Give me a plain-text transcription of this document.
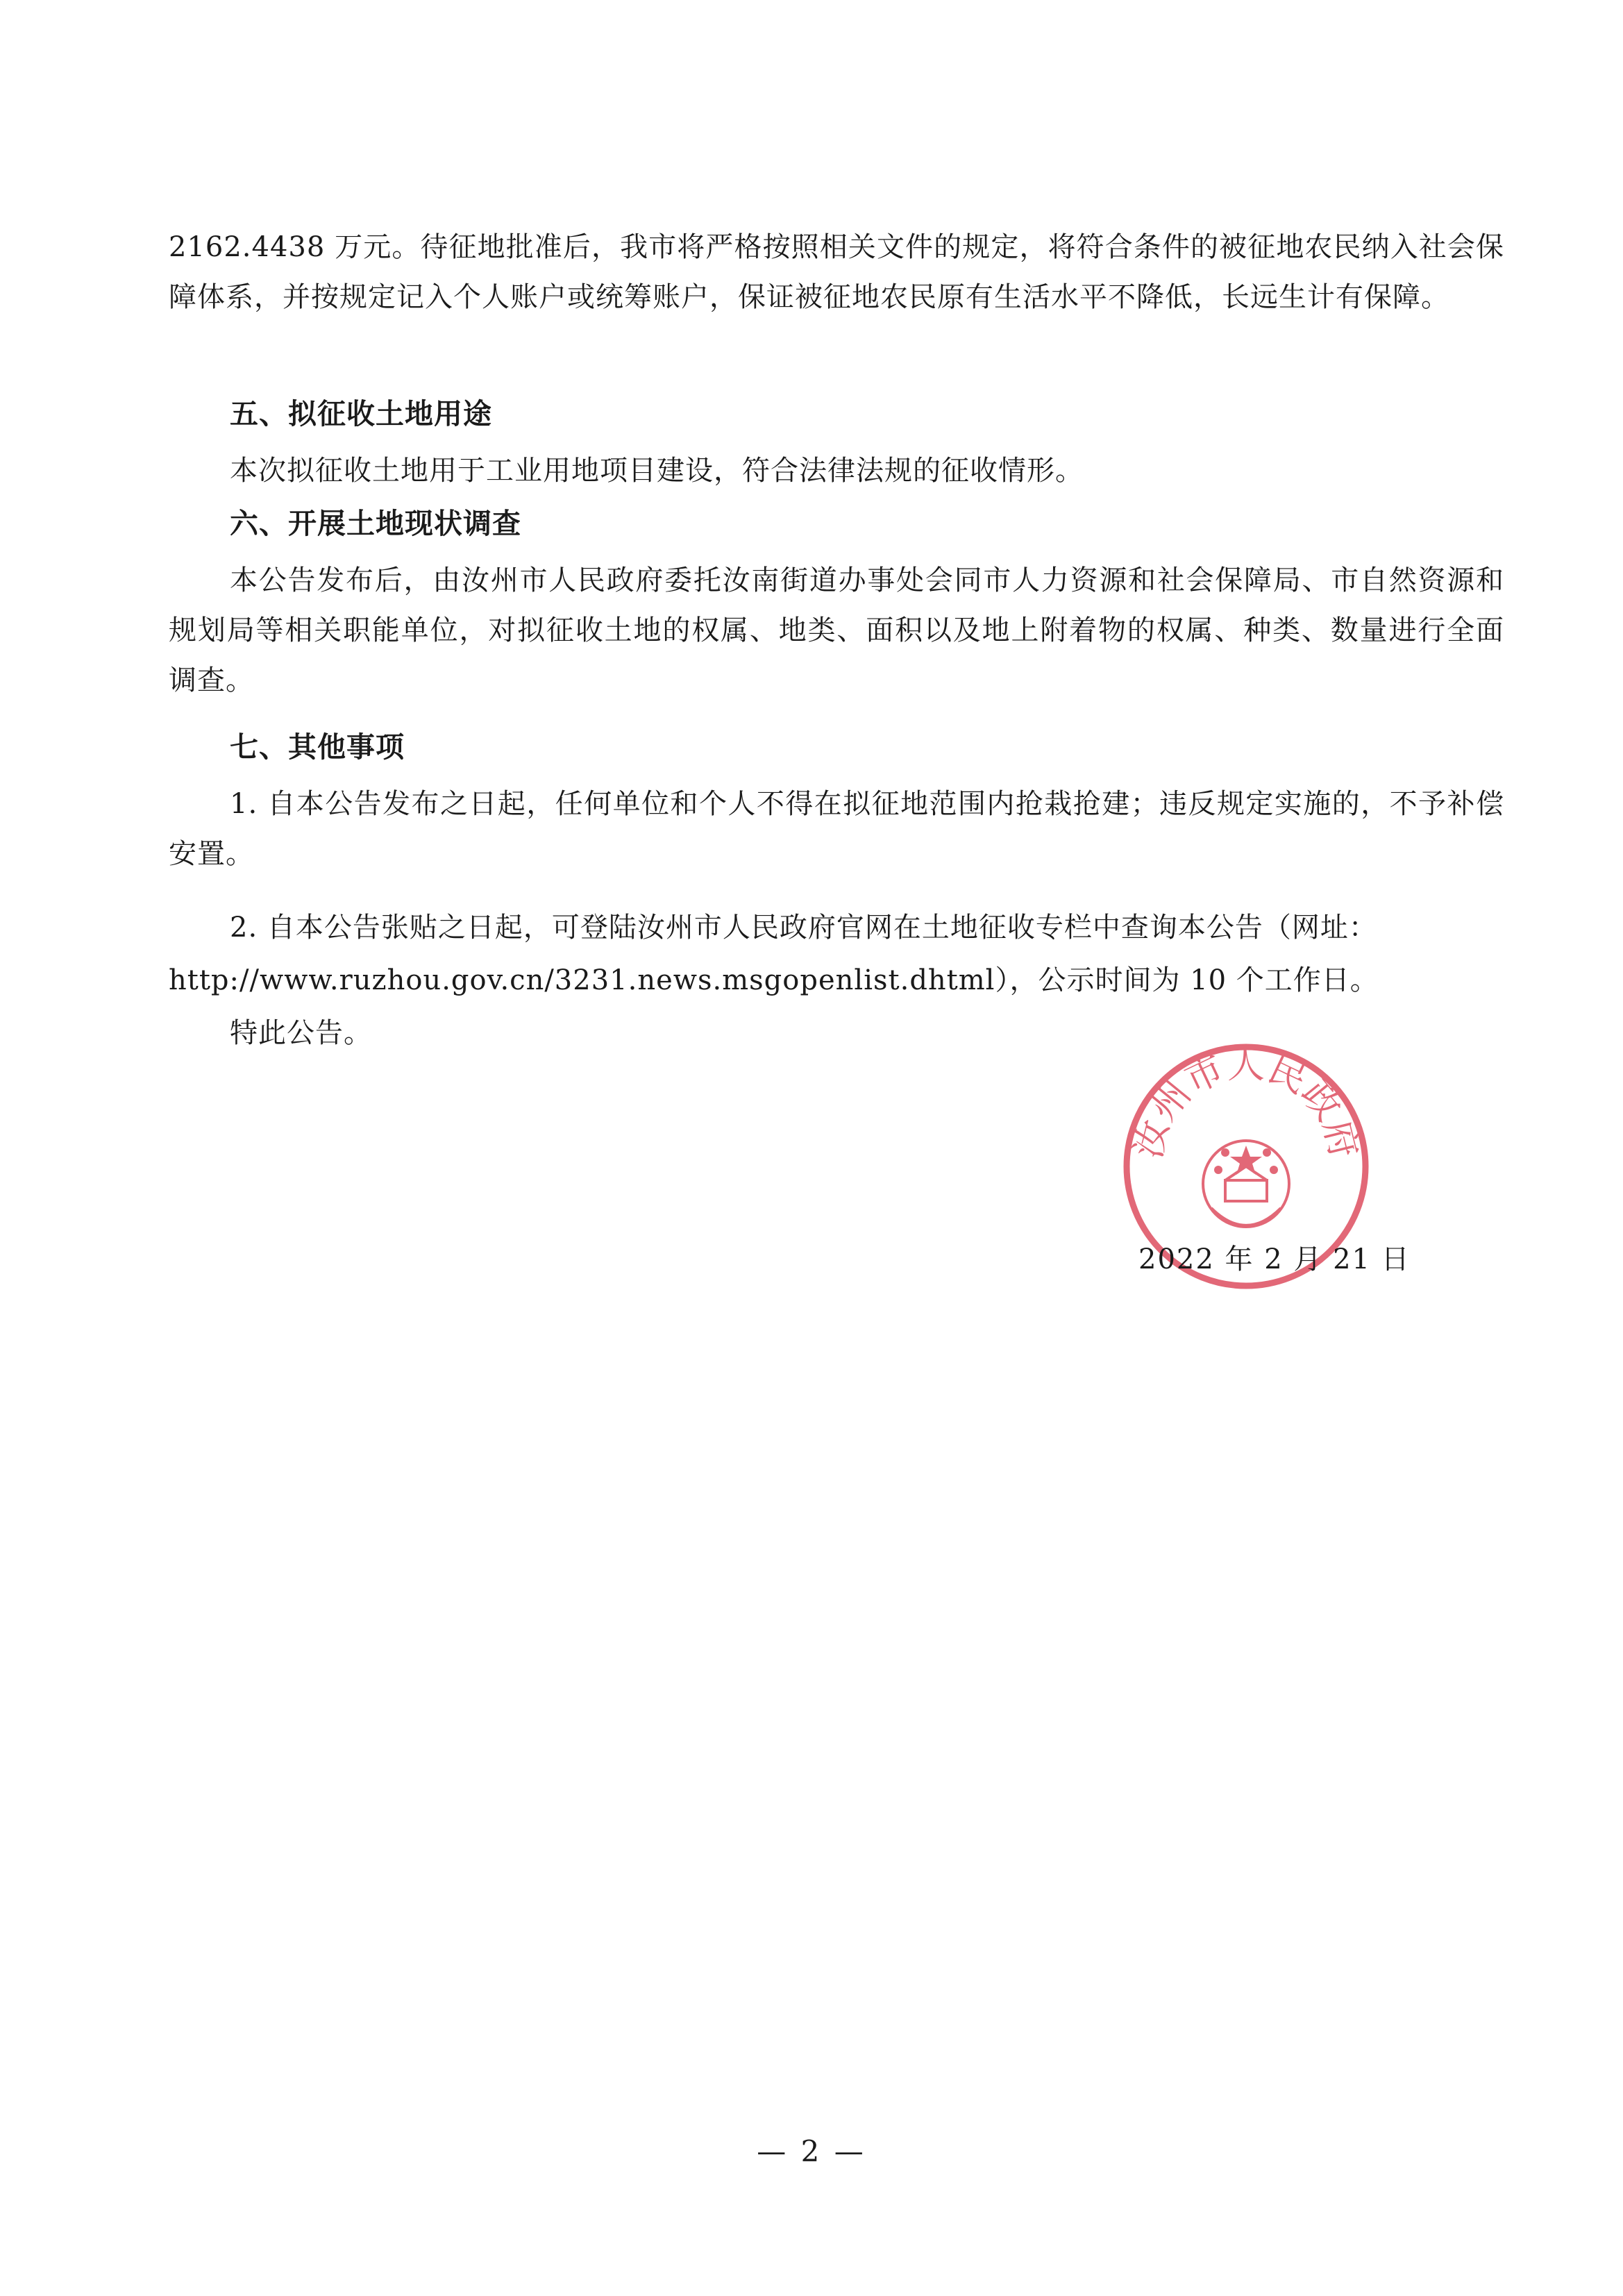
2162.4438 万元。待征地批准后，我市将严格按照相关文件的规定，将符合条件的被征地农民纳入社会保障体系，并按规定记入个人账户或统筹账户，保证被征地农民原有生活水平不降低，长远生计有保障。

五、拟征收土地用途

本次拟征收土地用于工业用地项目建设，符合法律法规的征收情形。

六、开展土地现状调查

本公告发布后，由汝州市人民政府委托汝南街道办事处会同市人力资源和社会保障局、市自然资源和规划局等相关职能单位，对拟征收土地的权属、地类、面积以及地上附着物的权属、种类、数量进行全面调查。

七、其他事项

1. 自本公告发布之日起，任何单位和个人不得在拟征地范围内抢栽抢建；违反规定实施的，不予补偿安置。

2. 自本公告张贴之日起，可登陆汝州市人民政府官网在土地征收专栏中查询本公告（网址：

http://www.ruzhou.gov.cn/3231.news.msgopenlist.dhtml），公示时间为 10 个工作日。

特此公告。

汝州市人民政府
2022 年 2 月 21 日
— 2 —
